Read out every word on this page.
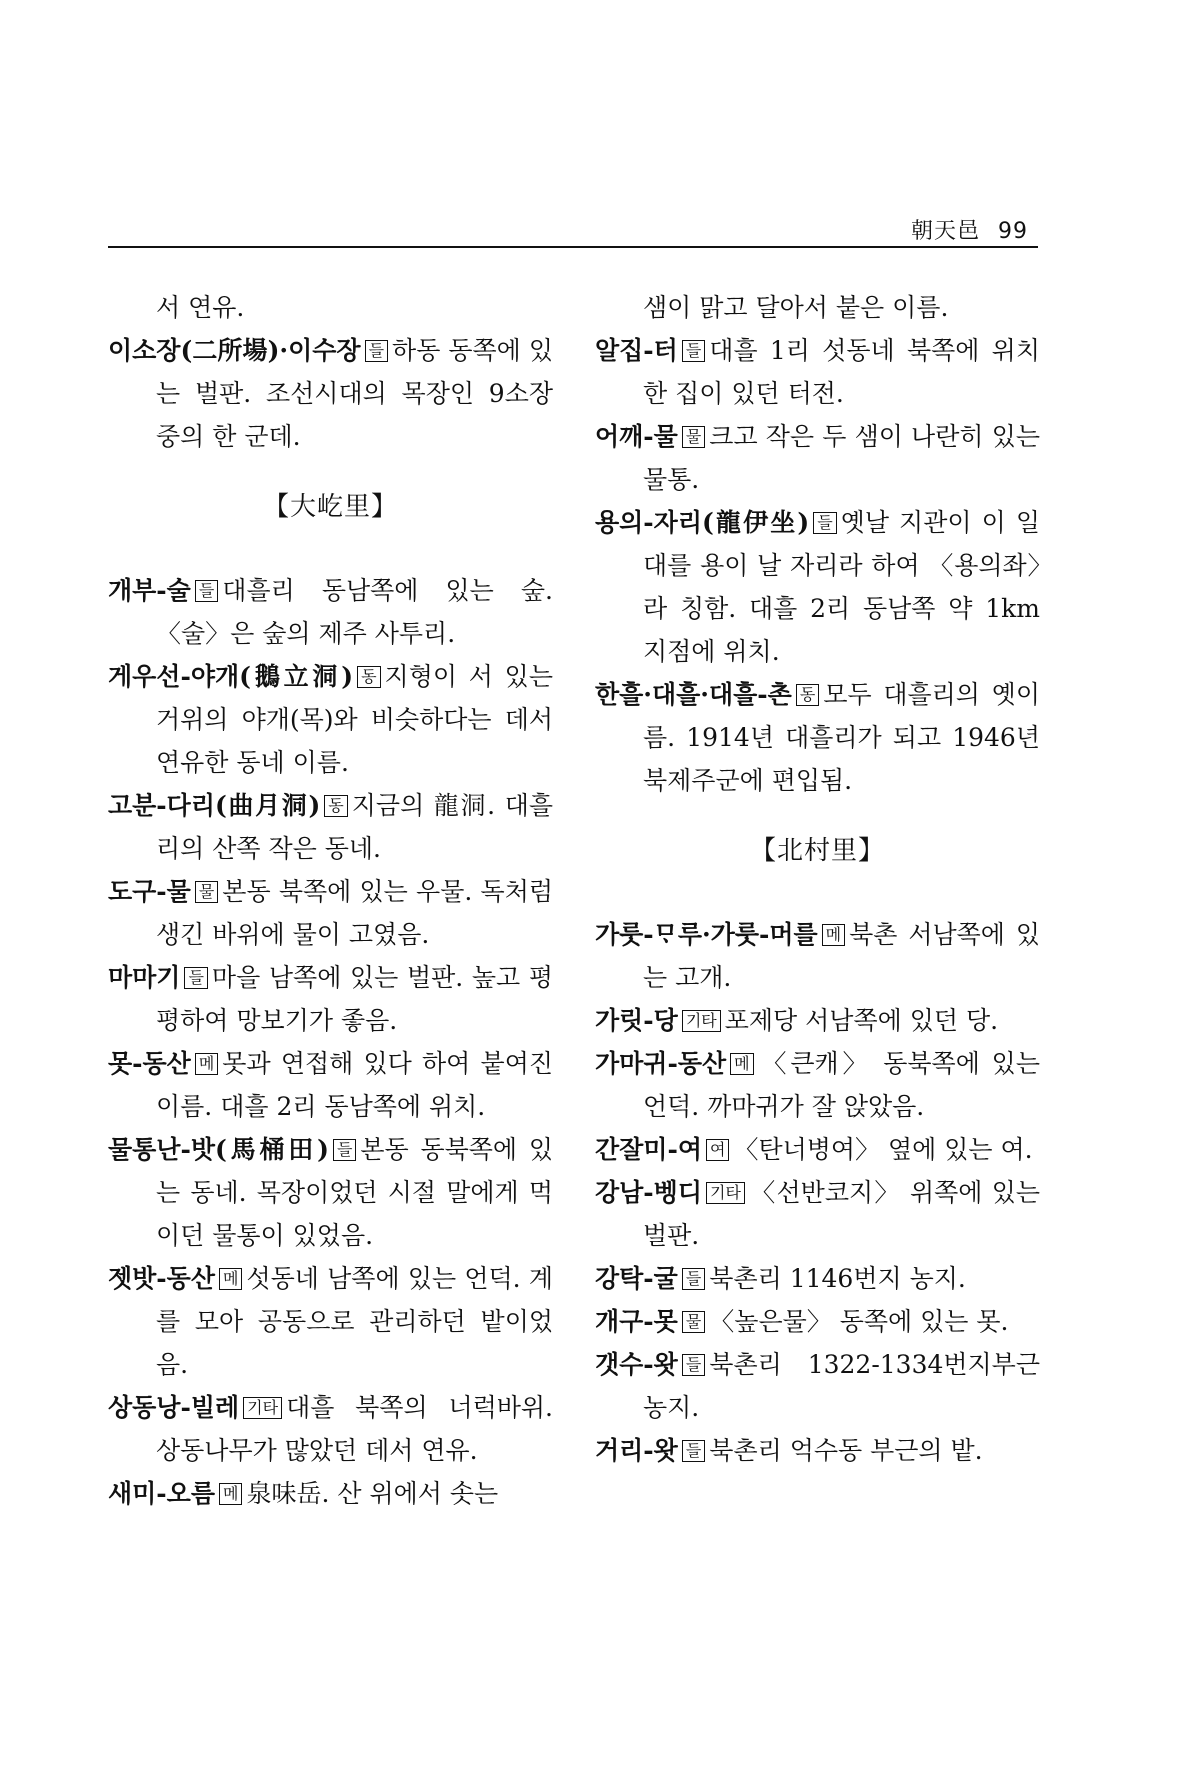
朝天邑 99

서 연유.

이소장(二所場)·이수장 들 하동 동쪽에 있는 벌판. 조선시대의 목장인 9소장 중의 한 군데.

【大屹里】

개부-술 들 대흘리 동남쪽에 있는 숲. 〈술〉은 숲의 제주 사투리.

게우선-야개(鵝立洞) 동 지형이 서 있는 거위의 야개(목)와 비슷하다는 데서 연유한 동네 이름.

고분-다리(曲月洞) 동 지금의 龍洞. 대흘리의 산쪽 작은 동네.

도구-물 물 본동 북쪽에 있는 우물. 독처럼 생긴 바위에 물이 고였음.

마마기 들 마을 남쪽에 있는 벌판. 높고 평평하여 망보기가 좋음.

못-동산 메 못과 연접해 있다 하여 붙여진 이름. 대흘 2리 동남쪽에 위치.

물통난-밧(馬桶田) 들 본동 동북쪽에 있는 동네. 목장이었던 시절 말에게 먹이던 물통이 있었음.

젯밧-동산 메 섯동네 남쪽에 있는 언덕. 계를 모아 공동으로 관리하던 밭이었음.

상동낭-빌레 기타 대흘 북쪽의 너럭바위. 상동나무가 많았던 데서 연유.

새미-오름 메 泉味岳. 산 위에서 솟는

샘이 맑고 달아서 붙은 이름.

알집-터 들 대흘 1리 섯동네 북쪽에 위치한 집이 있던 터전.

어깨-물 물 크고 작은 두 샘이 나란히 있는 물통.

용의-자리(龍伊坐) 들 옛날 지관이 이 일대를 용이 날 자리라 하여 〈용의좌〉라 칭함. 대흘 2리 동남쪽 약 1km 지점에 위치.

한흘·대흘·대흘-촌 동 모두 대흘리의 옛이름. 1914년 대흘리가 되고 1946년 북제주군에 편입됨.

【北村里】

가룻-ᄆᆞ루·가룻-머를 메 북촌 서남쪽에 있는 고개.

가릿-당 기타 포제당 서남쪽에 있던 당.

가마귀-동산 메 〈큰캐〉 동북쪽에 있는 언덕. 까마귀가 잘 앉았음.

간잘미-여 여 〈탄너병여〉 옆에 있는 여.

강남-벵디 기타 〈선반코지〉 위쪽에 있는 벌판.

강탁-굴 들 북촌리 1146번지 농지.

개구-못 물 〈높은물〉 동쪽에 있는 못.

갯수-왓 들 북촌리 1322-1334번지부근 농지.

거리-왓 들 북촌리 억수동 부근의 밭.
